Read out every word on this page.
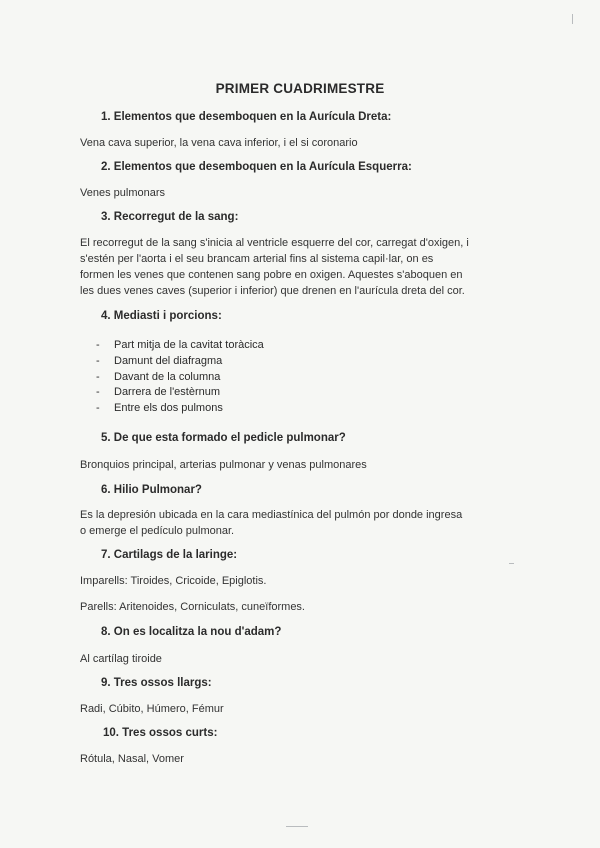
PRIMER CUADRIMESTRE
1. Elementos que desemboquen en la Aurícula Dreta:
Vena cava superior, la vena cava inferior, i el si coronario
2. Elementos que desemboquen en la Aurícula Esquerra:
Venes pulmonars
3. Recorregut de la sang:
El recorregut de la sang s'inicia al ventricle esquerre del cor, carregat d'oxigen, i
s'estén per l'aorta i el seu brancam arterial fins al sistema capil·lar, on es
formen les venes que contenen sang pobre en oxigen. Aquestes s'aboquen en
les dues venes caves (superior i inferior) que drenen en l'aurícula dreta del cor.
4. Mediasti i porcions:
- Part mitja de la cavitat toràcica
- Damunt del diafragma
- Davant de la columna
- Darrera de l'estèrnum
- Entre els dos pulmons
5. De que esta formado el pedicle pulmonar?
Bronquios principal, arterias pulmonar y venas pulmonares
6. Hilio Pulmonar?
Es la depresión ubicada en la cara mediastínica del pulmón por donde ingresa
o emerge el pedículo pulmonar.
7. Cartilags de la laringe:
Imparells: Tiroides, Cricoide, Epiglotis.
Parells: Aritenoides, Corniculats, cuneïformes.
8. On es localitza la nou d'adam?
Al cartílag tiroide
9. Tres ossos llargs:
Radi, Cúbito, Húmero, Fémur
10. Tres ossos curts:
Rótula, Nasal, Vomer
